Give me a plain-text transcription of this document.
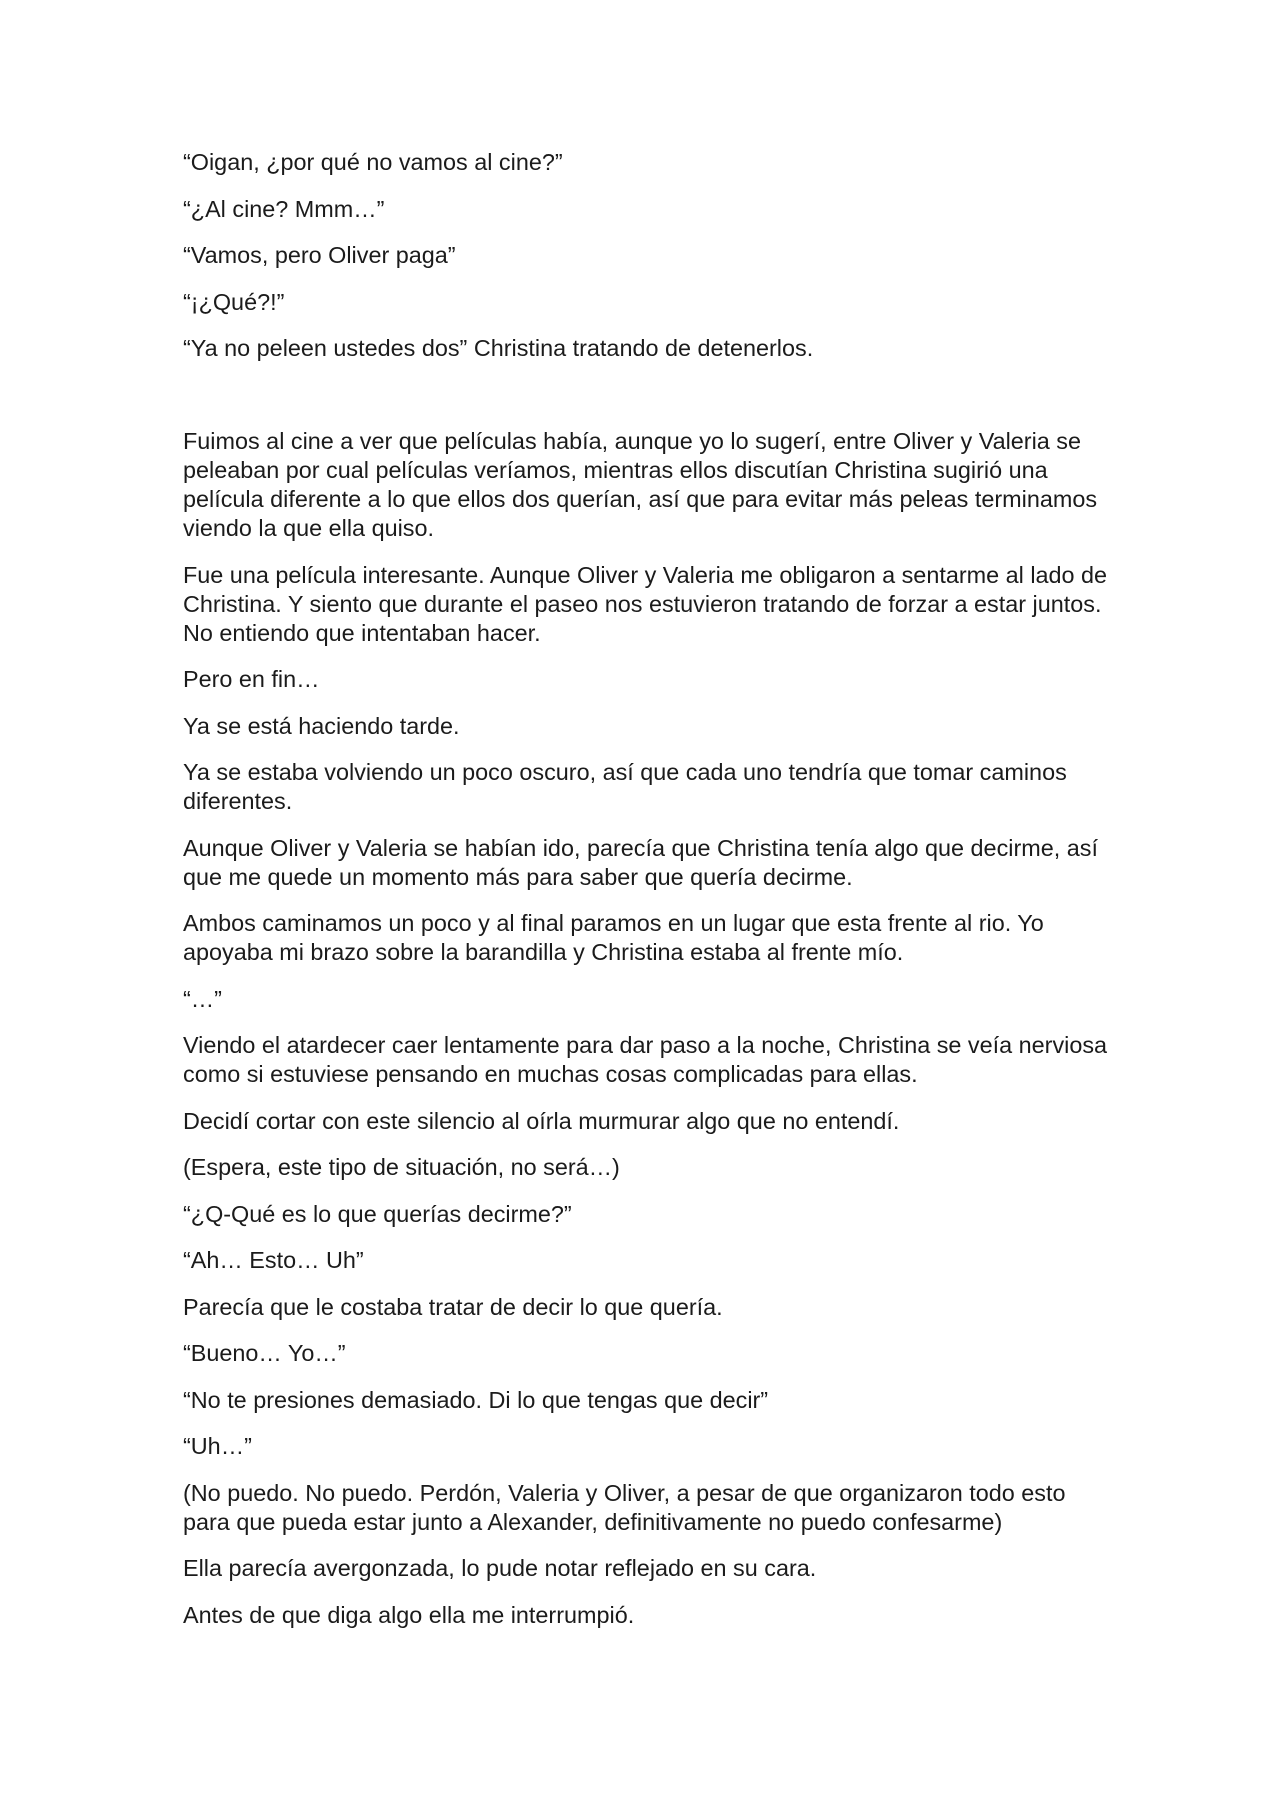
“Oigan, ¿por qué no vamos al cine?”

“¿Al cine? Mmm…”

“Vamos, pero Oliver paga”

“¡¿Qué?!”

“Ya no peleen ustedes dos” Christina tratando de detenerlos.

Fuimos al cine a ver que películas había, aunque yo lo sugerí, entre Oliver y Valeria se peleaban por cual películas veríamos, mientras ellos discutían Christina sugirió una película diferente a lo que ellos dos querían, así que para evitar más peleas terminamos viendo la que ella quiso.

Fue una película interesante. Aunque Oliver y Valeria me obligaron a sentarme al lado de Christina. Y siento que durante el paseo nos estuvieron tratando de forzar a estar juntos. No entiendo que intentaban hacer.

Pero en fin…

Ya se está haciendo tarde.

Ya se estaba volviendo un poco oscuro, así que cada uno tendría que tomar caminos diferentes.

Aunque Oliver y Valeria se habían ido, parecía que Christina tenía algo que decirme, así que me quede un momento más para saber que quería decirme.

Ambos caminamos un poco y al final paramos en un lugar que esta frente al rio. Yo apoyaba mi brazo sobre la barandilla y Christina estaba al frente mío.

“…”

Viendo el atardecer caer lentamente para dar paso a la noche, Christina se veía nerviosa como si estuviese pensando en muchas cosas complicadas para ellas.

Decidí cortar con este silencio al oírla murmurar algo que no entendí.

(Espera, este tipo de situación, no será…)

“¿Q-Qué es lo que querías decirme?”

“Ah… Esto… Uh”

Parecía que le costaba tratar de decir lo que quería.

“Bueno… Yo…”

“No te presiones demasiado. Di lo que tengas que decir”

“Uh…”

(No puedo. No puedo. Perdón, Valeria y Oliver, a pesar de que organizaron todo esto para que pueda estar junto a Alexander, definitivamente no puedo confesarme)

Ella parecía avergonzada, lo pude notar reflejado en su cara.

Antes de que diga algo ella me interrumpió.
